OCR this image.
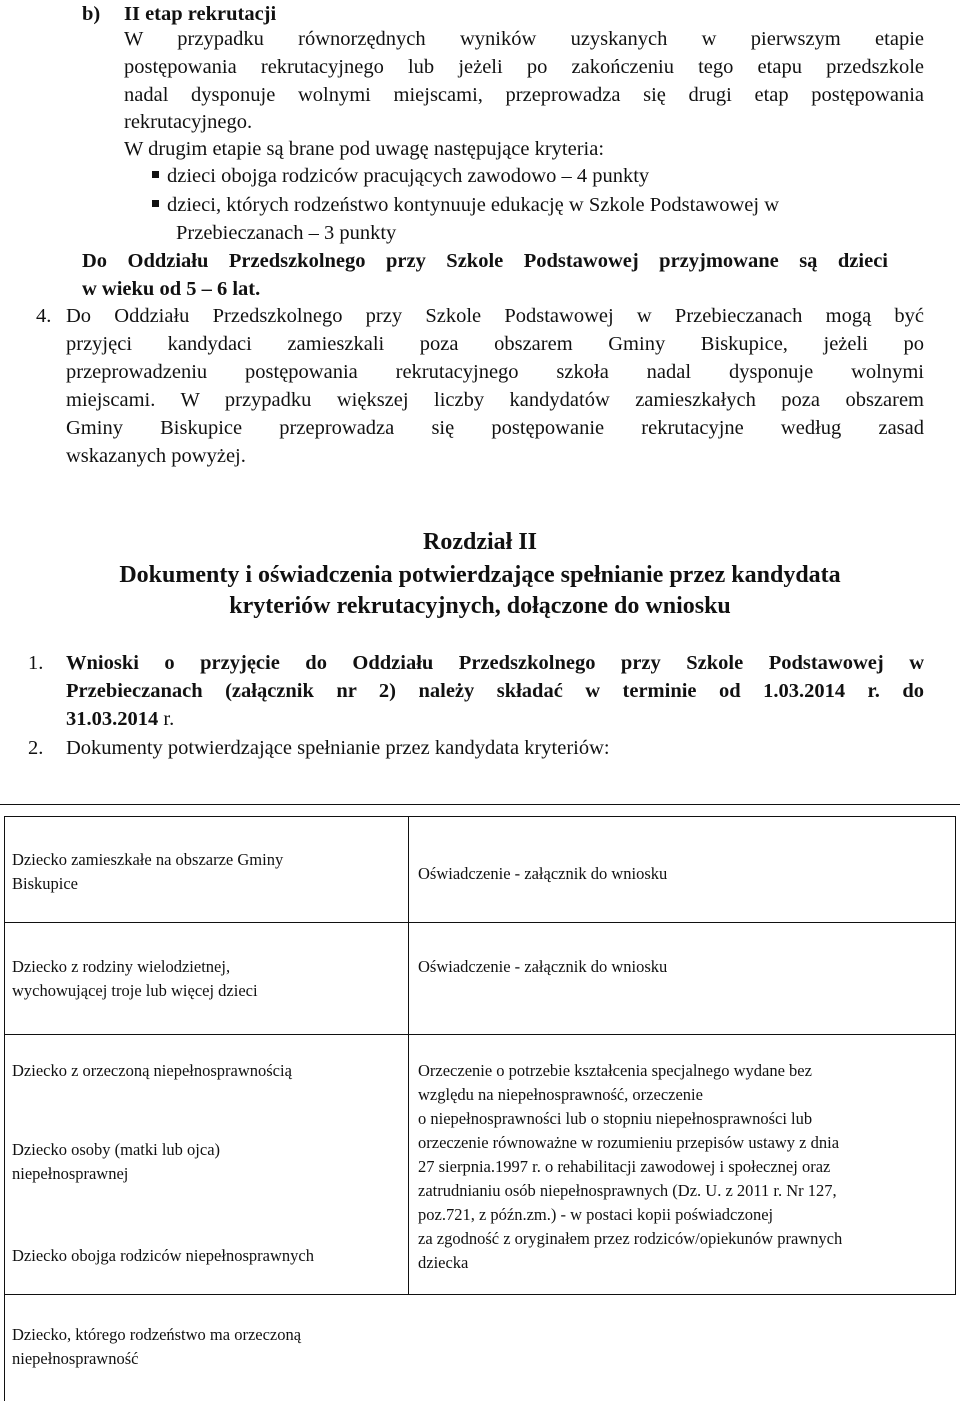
b) II etap rekrutacji
W przypadku równorzędnych wyników uzyskanych w pierwszym etapie
postępowania rekrutacyjnego lub jeżeli po zakończeniu tego etapu przedszkole
nadal dysponuje wolnymi miejscami, przeprowadza się drugi etap postępowania
rekrutacyjnego.
W drugim etapie są brane pod uwagę następujące kryteria:
dzieci obojga rodziców pracujących zawodowo – 4 punkty
dzieci, których rodzeństwo kontynuuje edukację w Szkole Podstawowej w
Przebieczanach – 3 punkty
Do Oddziału Przedszkolnego przy Szkole Podstawowej przyjmowane są dzieci
w wieku od 5 – 6 lat.
4. Do Oddziału Przedszkolnego przy Szkole Podstawowej w Przebieczanach mogą być
przyjęci kandydaci zamieszkali poza obszarem Gminy Biskupice, jeżeli po
przeprowadzeniu postępowania rekrutacyjnego szkoła nadal dysponuje wolnymi
miejscami. W przypadku większej liczby kandydatów zamieszkałych poza obszarem
Gminy Biskupice przeprowadza się postępowanie rekrutacyjne według zasad
wskazanych powyżej.
Rozdział II
Dokumenty i oświadczenia potwierdzające spełnianie przez kandydata
kryteriów rekrutacyjnych, dołączone do wniosku
1. Wnioski o przyjęcie do Oddziału Przedszkolnego przy Szkole Podstawowej w
Przebieczanach (załącznik nr 2) należy składać w terminie od 1.03.2014 r. do
31.03.2014 r.
2. Dokumenty potwierdzające spełnianie przez kandydata kryteriów:
Dziecko zamieszkałe na obszarze Gminy
Biskupice
Oświadczenie - załącznik do wniosku
Dziecko z rodziny wielodzietnej,
wychowującej troje lub więcej dzieci
Oświadczenie - załącznik do wniosku
Dziecko z orzeczoną niepełnosprawnością
Dziecko osoby (matki lub ojca)
niepełnosprawnej
Dziecko obojga rodziców niepełnosprawnych
Orzeczenie o potrzebie kształcenia specjalnego wydane bez
względu na niepełnosprawność, orzeczenie
o niepełnosprawności lub o stopniu niepełnosprawności lub
orzeczenie równoważne w rozumieniu przepisów ustawy z dnia
27 sierpnia.1997 r. o rehabilitacji zawodowej i społecznej oraz
zatrudnianiu osób niepełnosprawnych (Dz. U. z 2011 r. Nr 127,
poz.721, z późn.zm.) - w postaci kopii poświadczonej
za zgodność z oryginałem przez rodziców/opiekunów prawnych
dziecka
Dziecko, którego rodzeństwo ma orzeczoną
niepełnosprawność
